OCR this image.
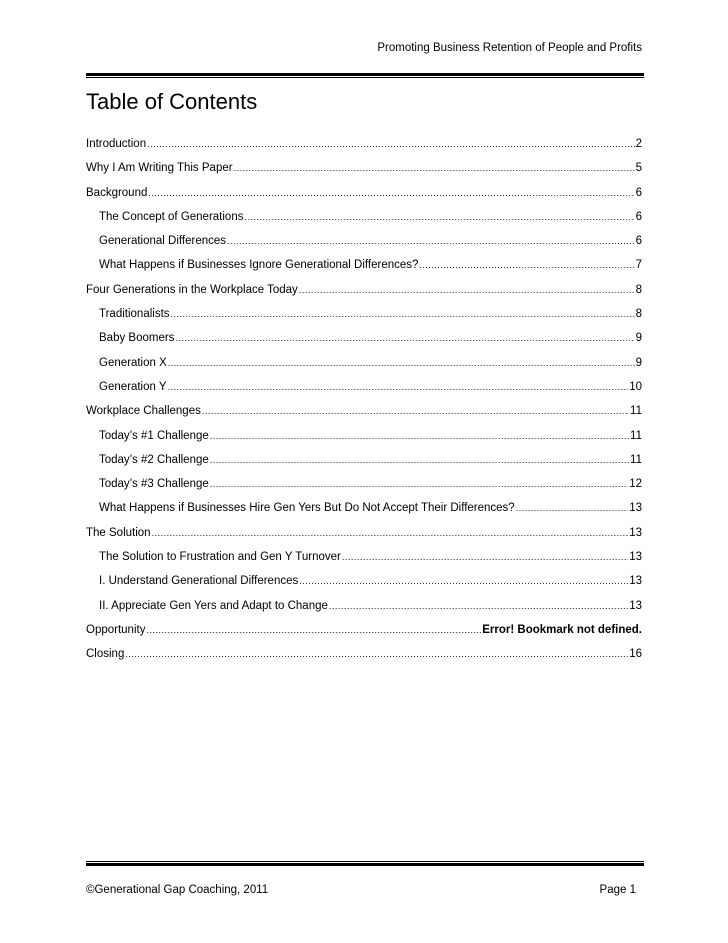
Promoting Business Retention of People and Profits
Table of Contents
Introduction .....	2
Why I Am Writing This Paper .....	5
Background .....	6
The Concept of Generations .....	6
Generational Differences .....	6
What Happens if Businesses Ignore Generational Differences? .....	7
Four Generations in the Workplace Today .....	8
Traditionalists .....	8
Baby Boomers .....	9
Generation X .....	9
Generation Y .....	10
Workplace Challenges .....	11
Today’s #1 Challenge .....	11
Today’s #2 Challenge .....	11
Today’s #3 Challenge .....	12
What Happens if Businesses Hire Gen Yers But Do Not Accept Their Differences? .....	13
The Solution .....	13
The Solution to Frustration and Gen Y Turnover .....	13
I. Understand Generational Differences .....	13
II. Appreciate Gen Yers and Adapt to Change .....	13
Opportunity .....	Error! Bookmark not defined.
Closing .....	16
©Generational Gap Coaching, 2011	Page 1
